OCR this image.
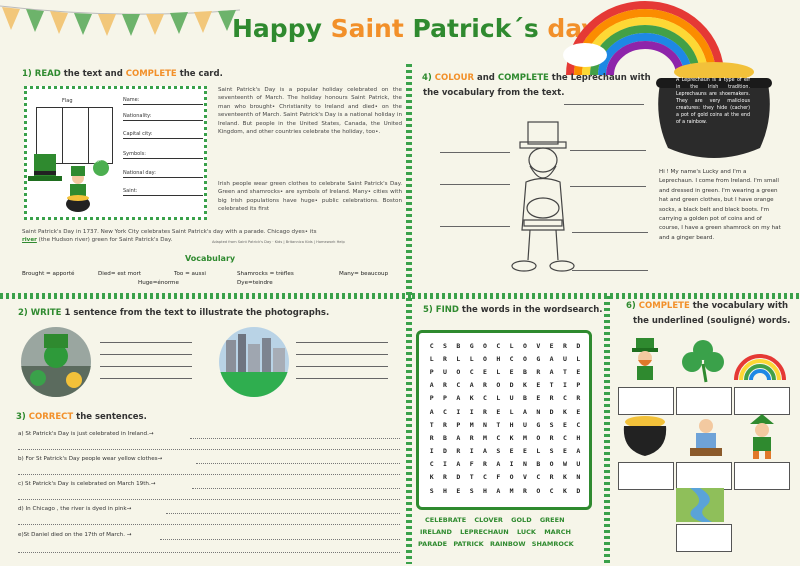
Happy Saint Patrick´s day !
1) READ the text and COMPLETE the card.
Flag	Name:
Nationality:
Capital city:
Symbols:
National day:
Saint:
Lucky
Saint Patrick's Day is a popular holiday celebrated on the seventeenth of March. The holiday honours Saint Patrick, the man who brought• Christianity to Ireland and died• on the seventeenth of March. Saint Patrick's Day is a national holiday in Ireland. But people in the United States, Canada, the United Kingdom, and other countries celebrate the holiday, too•.
Irish people wear green clothes to celebrate Saint Patrick's Day. Green and shamrocks• are symbols of Ireland. Many• cities with big Irish populations have huge• public celebrations. Boston celebrated its first
Saint Patrick's Day in 1737. New York City celebrates Saint Patrick's day with a parade. Chicago dyes• its
river (the Hudson river) green for Saint Patrick's Day.	Adapted from Saint Patrick's Day · Kids | Britannica Kids | Homework Help
Vocabulary
Brought = apporté	Died= est mort	Too = aussi	Shamrocks = trèfles	Many= beaucoup
Huge=énorme	Dye=teindre
2) WRITE 1 sentence from the text to illustrate the photographs.
3) CORRECT the sentences.
a) St Patrick's Day is just celebrated in Ireland.→
b) For St Patrick's Day people wear yellow clothes→
c) St Patrick's Day is celebrated on March 19th.→
d) In Chicago , the river is dyed in pink→
e)St Daniel died on the 17th of March. →
4) COLOUR and COMPLETE the Leprechaun with
the vocabulary from the text.
A Leprechaun is a type of elf in the Irish tradition. Leprechauns are shoemakers. They are very malicious creatures: they hide (cacher) a pot of gold coins at the end of a rainbow.
Hi ! My name's Lucky and I'm a Leprechaun. I come from Ireland. I'm small and dressed in green. I'm wearing a green hat and green clothes, but I have orange socks, a black belt and black boots. I'm carrying a golden pot of coins and of course, I have a green shamrock on my hat and a ginger beard.
5) FIND the words in the wordsearch.
C	S	B	G	O	C	L	O	V	E	R	D
L	R	L	L	O	H	C	O	G	A	U	L
P	U	O	C	E	L	E	B	R	A	T	E
A	R	C	A	R	O	D	K	E	T	I	P
P	P	A	K	C	L	U	B	E	R	C	R
A	C	I	I	R	E	L	A	N	D	K	E
T	R	P	M	N	T	H	U	G	S	E	C
R	B	A	R	M	C	K	M	O	R	C	H
I	D	R	I	A	S	E	E	L	S	E	A
C	I	A	F	R	A	I	N	B	O	W	U
K	R	D	T	C	F	O	V	C	R	K	N
S	H	E	S	H	A	M	R	O	C	K	D
CELEBRATE CLOVER GOLD GREEN
IRELAND LEPRECHAUN LUCK MARCH
PARADE PATRICK RAINBOW SHAMROCK
6) COMPLETE the vocabulary with
the underlined (souligné) words.
